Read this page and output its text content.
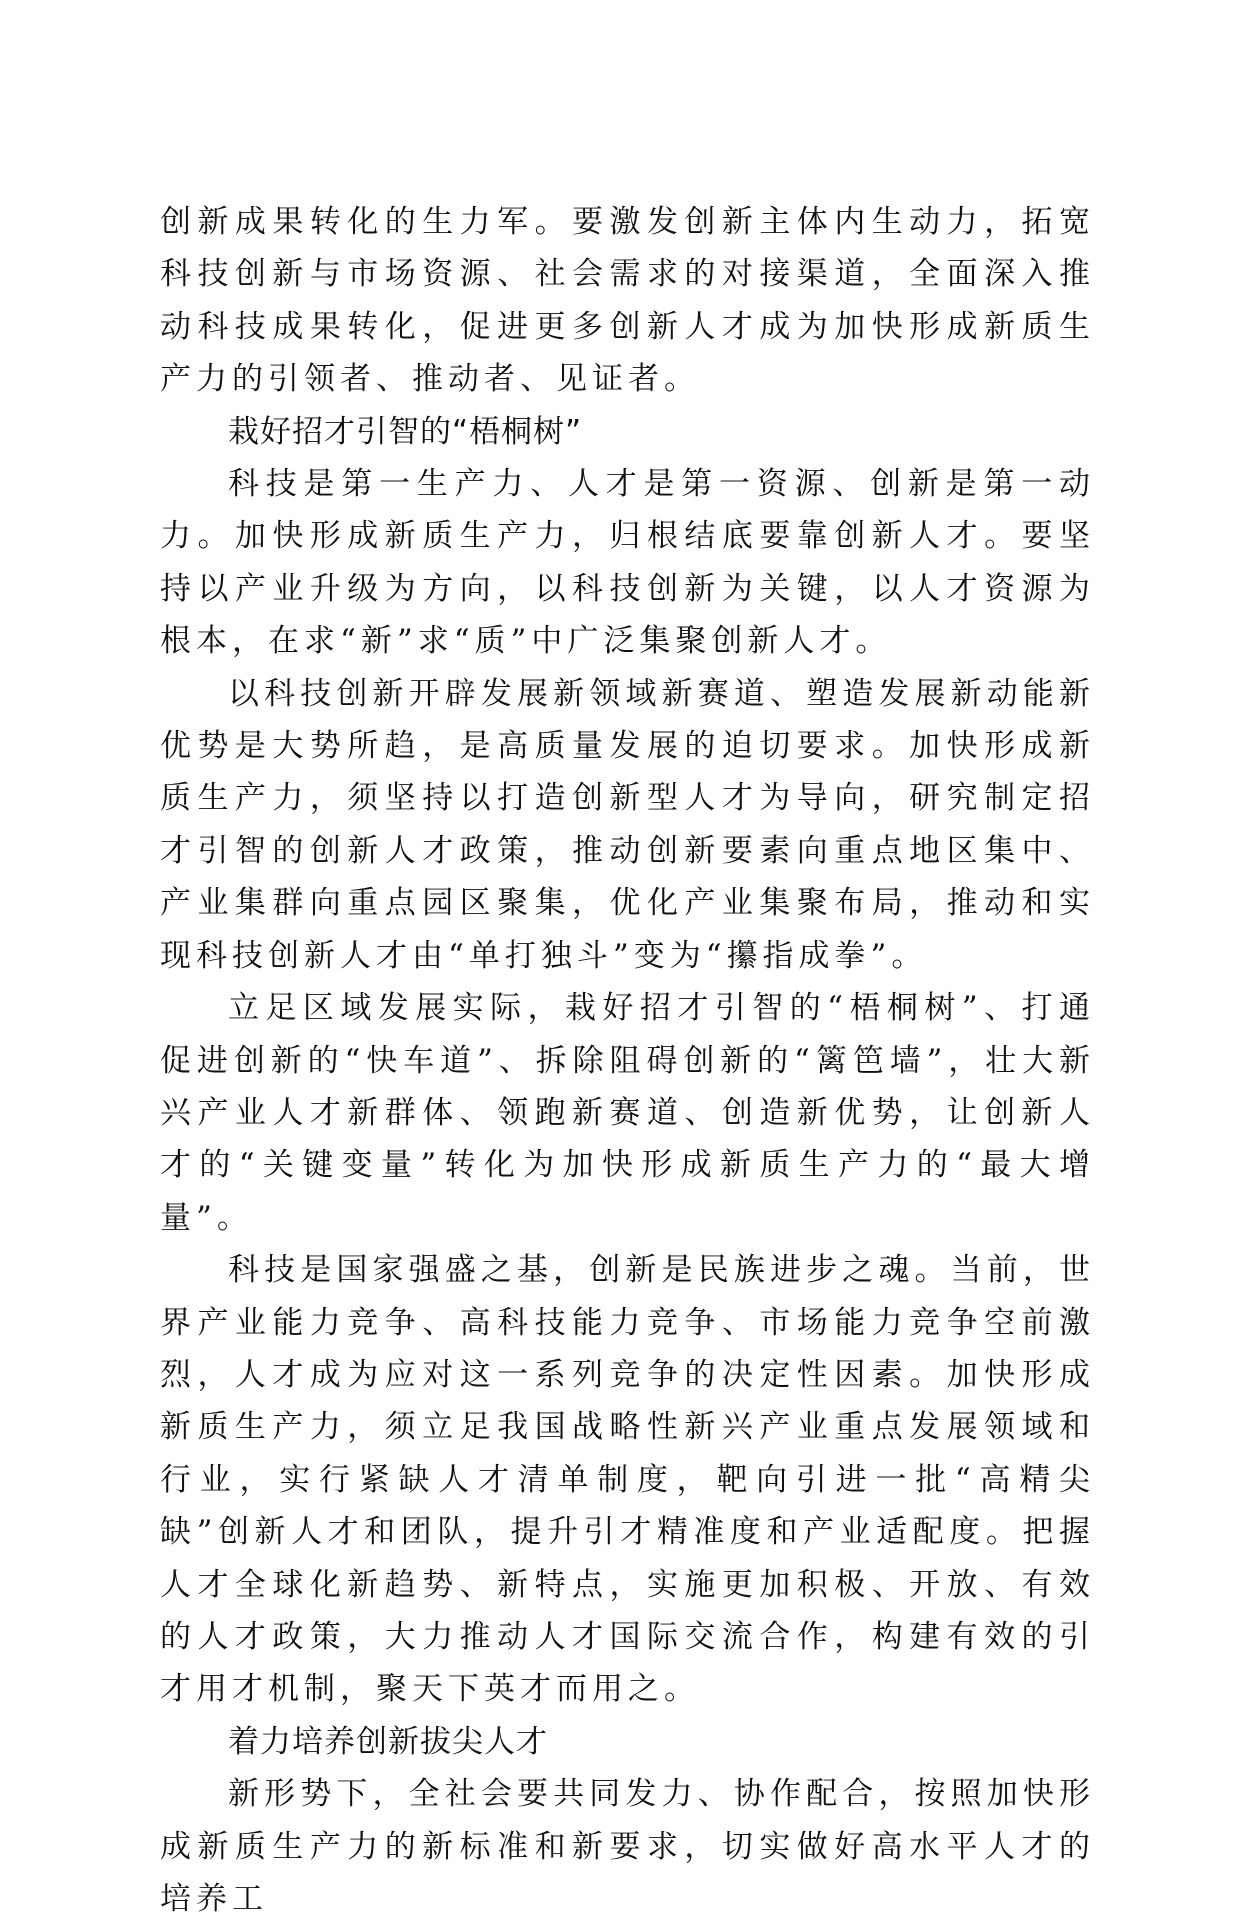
创新成果转化的生力军。要激发创新主体内生动力，拓宽科技创新与市场资源、社会需求的对接渠道，全面深入推动科技成果转化，促进更多创新人才成为加快形成新质生产力的引领者、推动者、见证者。

栽好招才引智的“梧桐树”

科技是第一生产力、人才是第一资源、创新是第一动力。加快形成新质生产力，归根结底要靠创新人才。要坚持以产业升级为方向，以科技创新为关键，以人才资源为根本，在求“新”求“质”中广泛集聚创新人才。

以科技创新开辟发展新领域新赛道、塑造发展新动能新优势是大势所趋，是高质量发展的迫切要求。加快形成新质生产力，须坚持以打造创新型人才为导向，研究制定招才引智的创新人才政策，推动创新要素向重点地区集中、产业集群向重点园区聚集，优化产业集聚布局，推动和实现科技创新人才由“单打独斗”变为“攥指成拳”。

立足区域发展实际，栽好招才引智的“梧桐树”、打通促进创新的“快车道”、拆除阻碍创新的“篱笆墙”，壮大新兴产业人才新群体、领跑新赛道、创造新优势，让创新人才的“关键变量”转化为加快形成新质生产力的“最大增量”。

科技是国家强盛之基，创新是民族进步之魂。当前，世界产业能力竞争、高科技能力竞争、市场能力竞争空前激烈，人才成为应对这一系列竞争的决定性因素。加快形成新质生产力，须立足我国战略性新兴产业重点发展领域和行业，实行紧缺人才清单制度，靶向引进一批“高精尖缺”创新人才和团队，提升引才精准度和产业适配度。把握人才全球化新趋势、新特点，实施更加积极、开放、有效的人才政策，大力推动人才国际交流合作，构建有效的引才用才机制，聚天下英才而用之。

着力培养创新拔尖人才

新形势下，全社会要共同发力、协作配合，按照加快形成新质生产力的新标准和新要求，切实做好高水平人才的培养工
